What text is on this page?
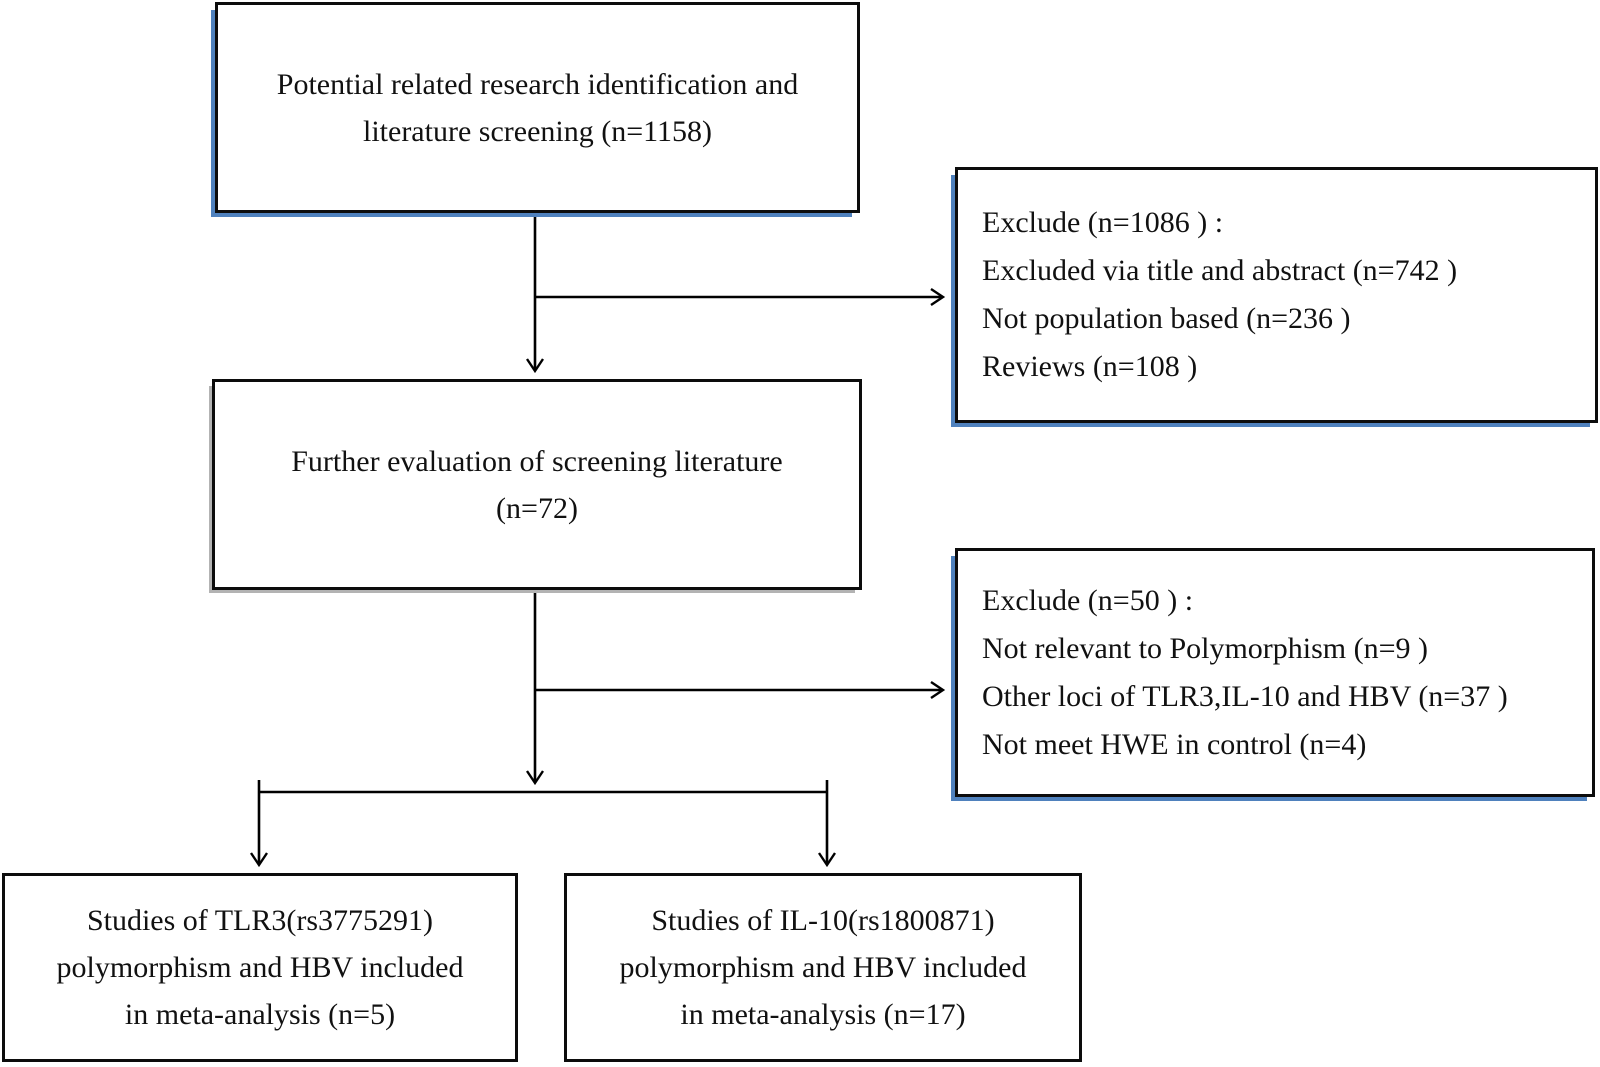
Potential related research identification and
literature screening (n=1158)
Exclude (n=1086 ) :
Excluded via title and abstract (n=742 )
Not population based (n=236 )
Reviews (n=108 )
Further evaluation of screening literature
(n=72)
Exclude (n=50 ) :
Not relevant to Polymorphism (n=9 )
Other loci of TLR3,IL-10 and HBV (n=37 )
Not meet HWE in control (n=4)
Studies of TLR3(rs3775291)
polymorphism and HBV included
in meta-analysis (n=5)
Studies of IL-10(rs1800871)
polymorphism and HBV included
in meta-analysis (n=17)
